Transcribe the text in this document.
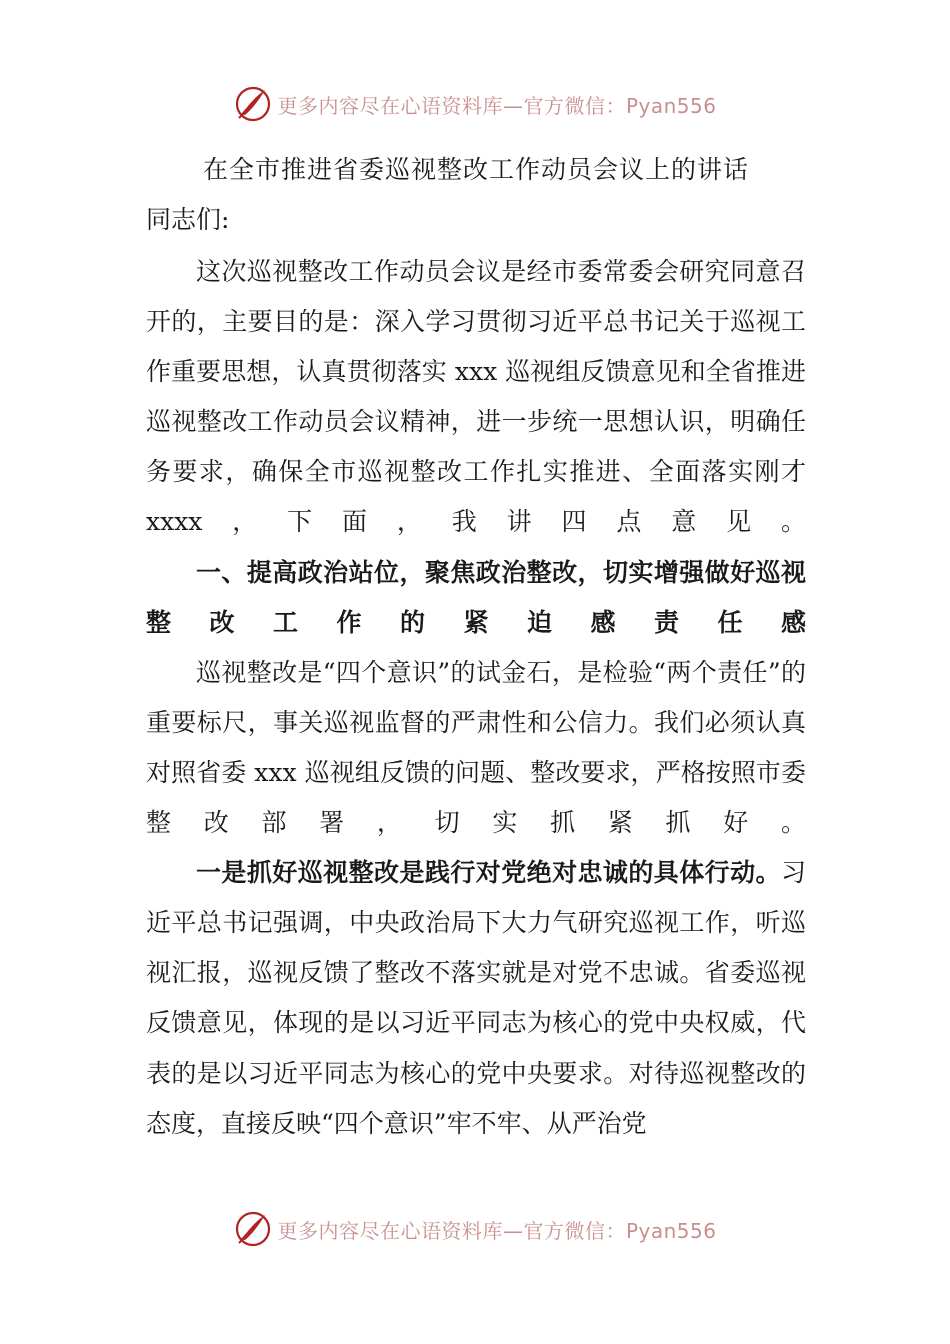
更多内容尽在心语资料库—官方微信：Pyan556
在全市推进省委巡视整改工作动员会议上的讲话
同志们:

这次巡视整改工作动员会议是经市委常委会研究同意召开的，主要目的是：深入学习贯彻习近平总书记关于巡视工作重要思想，认真贯彻落实 xxx 巡视组反馈意见和全省推进巡视整改工作动员会议精神，进一步统一思想认识，明确任务要求，确保全市巡视整改工作扎实推进、全面落实刚才 xxxx，下面，我讲四点意见。

一、提高政治站位，聚焦政治整改，切实增强做好巡视整改工作的紧迫感责任感

巡视整改是“四个意识”的试金石，是检验“两个责任”的重要标尺，事关巡视监督的严肃性和公信力。我们必须认真对照省委 xxx 巡视组反馈的问题、整改要求，严格按照市委整改部署，切实抓紧抓好。

一是抓好巡视整改是践行对党绝对忠诚的具体行动。习近平总书记强调，中央政治局下大力气研究巡视工作，听巡视汇报，巡视反馈了整改不落实就是对党不忠诚。省委巡视反馈意见，体现的是以习近平同志为核心的党中央权威，代表的是以习近平同志为核心的党中央要求。对待巡视整改的态度，直接反映“四个意识”牢不牢、从严治党

更多内容尽在心语资料库—官方微信：Pyan556
